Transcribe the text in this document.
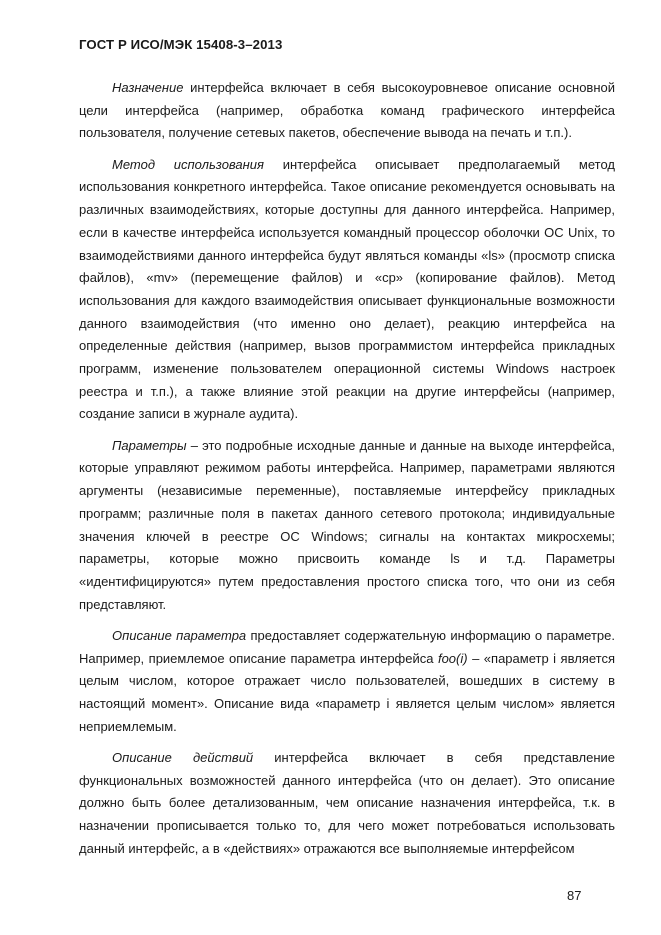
ГОСТ Р ИСО/МЭК 15408-3–2013

Назначение интерфейса включает в себя высокоуровневое описание основной цели интерфейса (например, обработка команд графического интерфейса пользователя, получение сетевых пакетов, обеспечение вывода на печать и т.п.).

Метод использования интерфейса описывает предполагаемый метод использования конкретного интерфейса. Такое описание рекомендуется основывать на различных взаимодействиях, которые доступны для данного интерфейса. Например, если в качестве интерфейса используется командный процессор оболочки ОС Unix, то взаимодействиями данного интерфейса будут являться команды «ls» (просмотр списка файлов), «mv» (перемещение файлов) и «cp» (копирование файлов). Метод использования для каждого взаимодействия описывает функциональные возможности данного взаимодействия (что именно оно делает), реакцию интерфейса на определенные действия (например, вызов программистом интерфейса прикладных программ, изменение пользователем операционной системы Windows настроек реестра и т.п.), а также влияние этой реакции на другие интерфейсы (например, создание записи в журнале аудита).

Параметры – это подробные исходные данные и данные на выходе интерфейса, которые управляют режимом работы интерфейса. Например, параметрами являются аргументы (независимые переменные), поставляемые интерфейсу прикладных программ; различные поля в пакетах данного сетевого протокола; индивидуальные значения ключей в реестре ОС Windows; сигналы на контактах микросхемы; параметры, которые можно присвоить команде ls и т.д. Параметры «идентифицируются» путем предоставления простого списка того, что они из себя представляют.

Описание параметра предоставляет содержательную информацию о параметре. Например, приемлемое описание параметра интерфейса foo(i) – «параметр i является целым числом, которое отражает число пользователей, вошедших в систему в настоящий момент». Описание вида «параметр i является целым числом» является неприемлемым.

Описание действий интерфейса включает в себя представление функциональных возможностей данного интерфейса (что он делает). Это описание должно быть более детализованным, чем описание назначения интерфейса, т.к. в назначении прописывается только то, для чего может потребоваться использовать данный интерфейс, а в «действиях» отражаются все выполняемые интерфейсом

87
